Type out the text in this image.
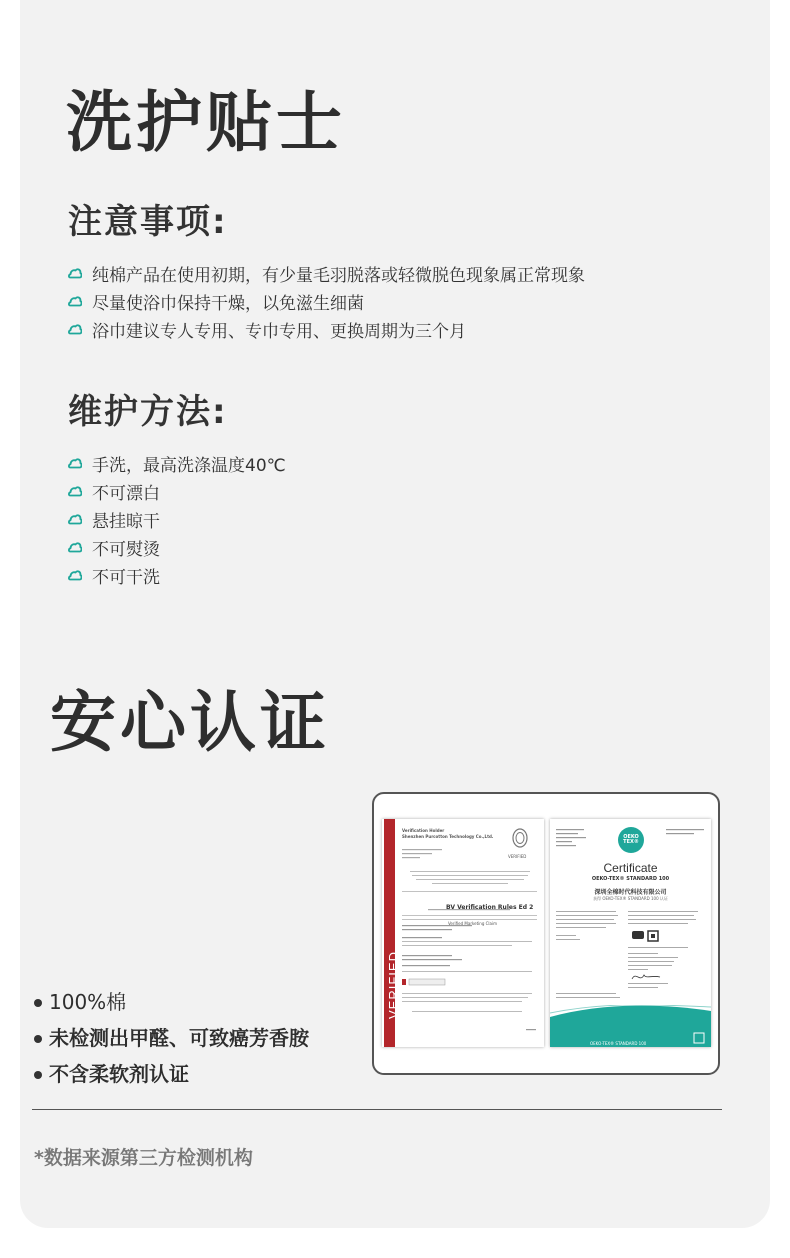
洗护贴士
注意事项:
纯棉产品在使用初期，有少量毛羽脱落或轻微脱色现象属正常现象
尽量使浴巾保持干燥，以免滋生细菌
浴巾建议专人专用、专巾专用、更换周期为三个月
维护方法:
手洗，最高洗涤温度40℃
不可漂白
悬挂晾干
不可熨烫
不可干洗
安心认证
VERIFIED
Verification Holder
Shenzhen Purcotton Technology Co.,Ltd.
VERIFIED
BV Verification Rules Ed 2
Verified Marketing Claim
OEKO
TEX®
Certificate
OEKO-TEX® STANDARD 100
深圳全棉时代科技有限公司
获得 OEKO-TEX® STANDARD 100 认证
OEKO-TEX® STANDARD 100
100%棉
未检测出甲醛、可致癌芳香胺
不含柔软剂认证
*数据来源第三方检测机构
